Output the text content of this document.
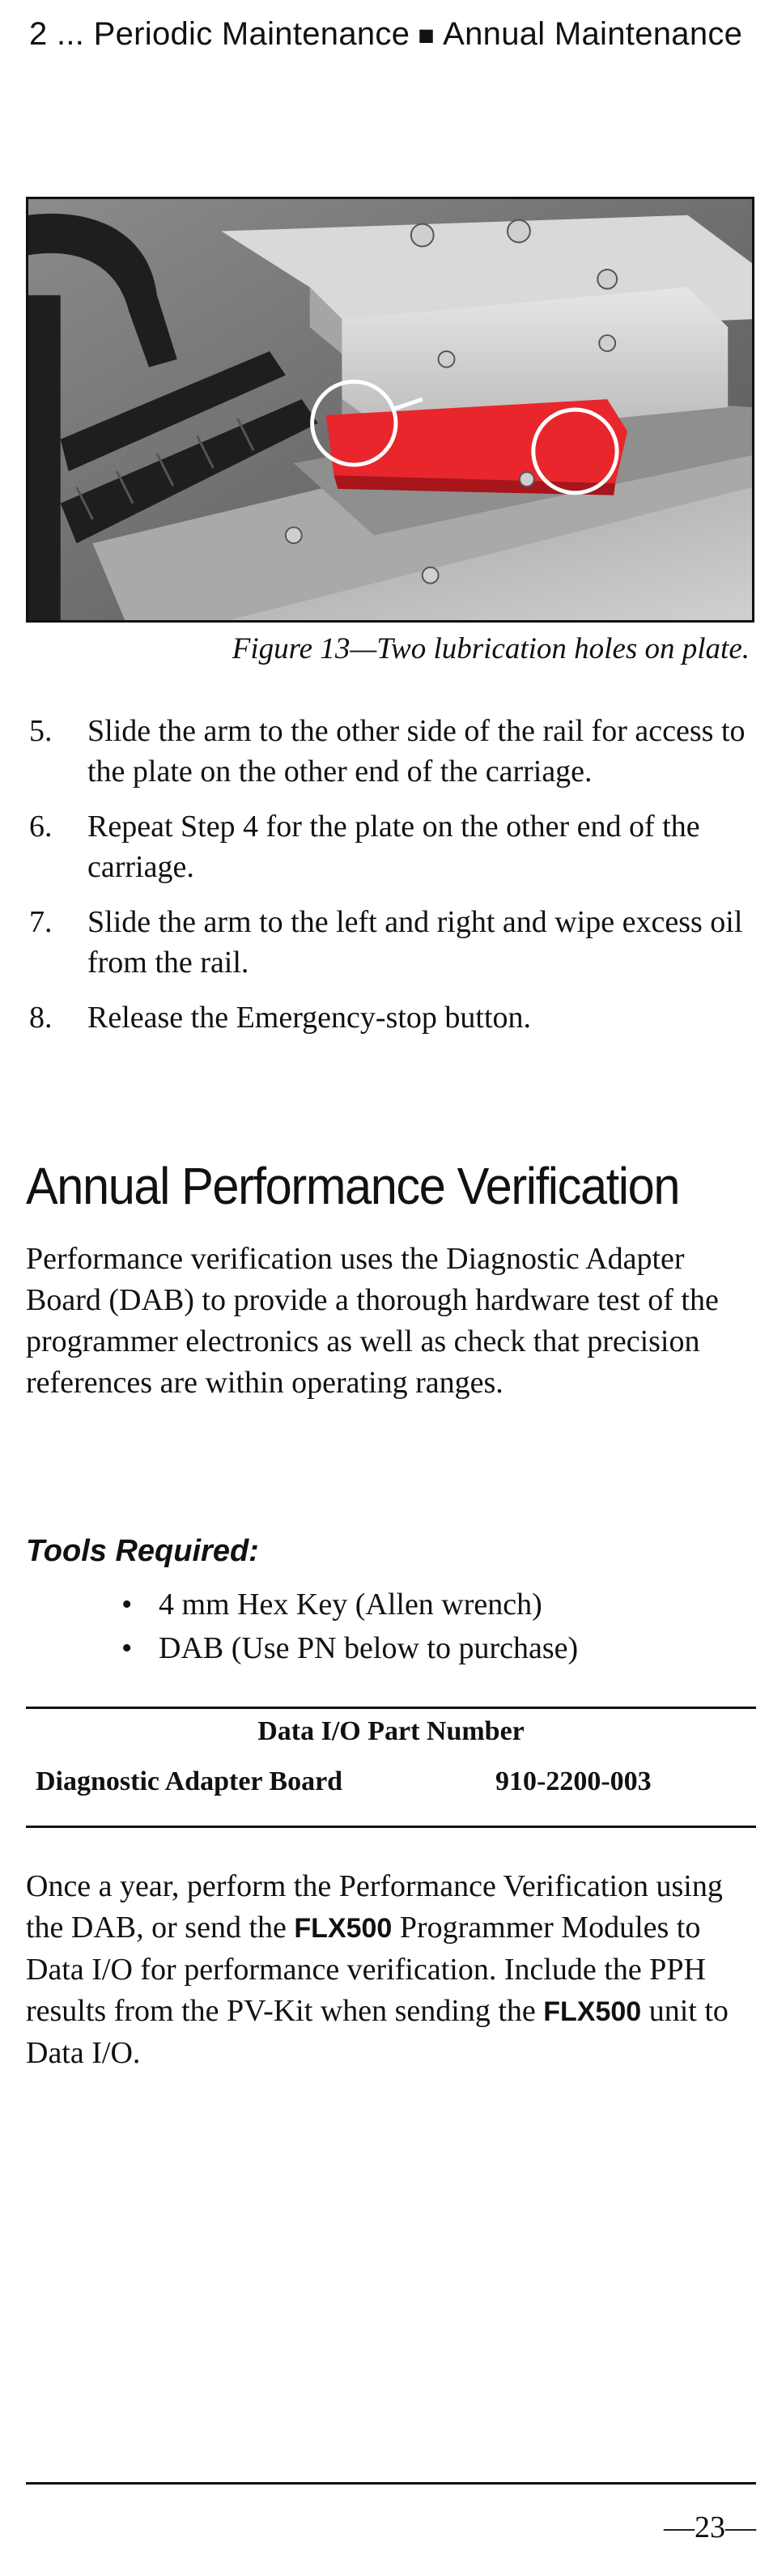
2 ... Periodic Maintenance ■ Annual Maintenance
Figure 13—Two lubrication holes on plate.
5. Slide the arm to the other side of the rail for access to the plate on the other end of the carriage.
6. Repeat Step 4 for the plate on the other end of the carriage.
7. Slide the arm to the left and right and wipe excess oil from the rail.
8. Release the Emergency-stop button.
Annual Performance Verification

Performance verification uses the Diagnostic Adapter Board (DAB) to provide a thorough hardware test of the programmer electronics as well as check that precision references are within operating ranges.

Tools Required:
• 4 mm Hex Key (Allen wrench)
• DAB (Use PN below to purchase)
Data I/O Part Number
Diagnostic Adapter Board	910-2200-003

Once a year, perform the Performance Verification using the DAB, or send the FLX500 Programmer Modules to Data I/O for performance verification. Include the PPH results from the PV-Kit when sending the FLX500 unit to Data I/O.

—23—
